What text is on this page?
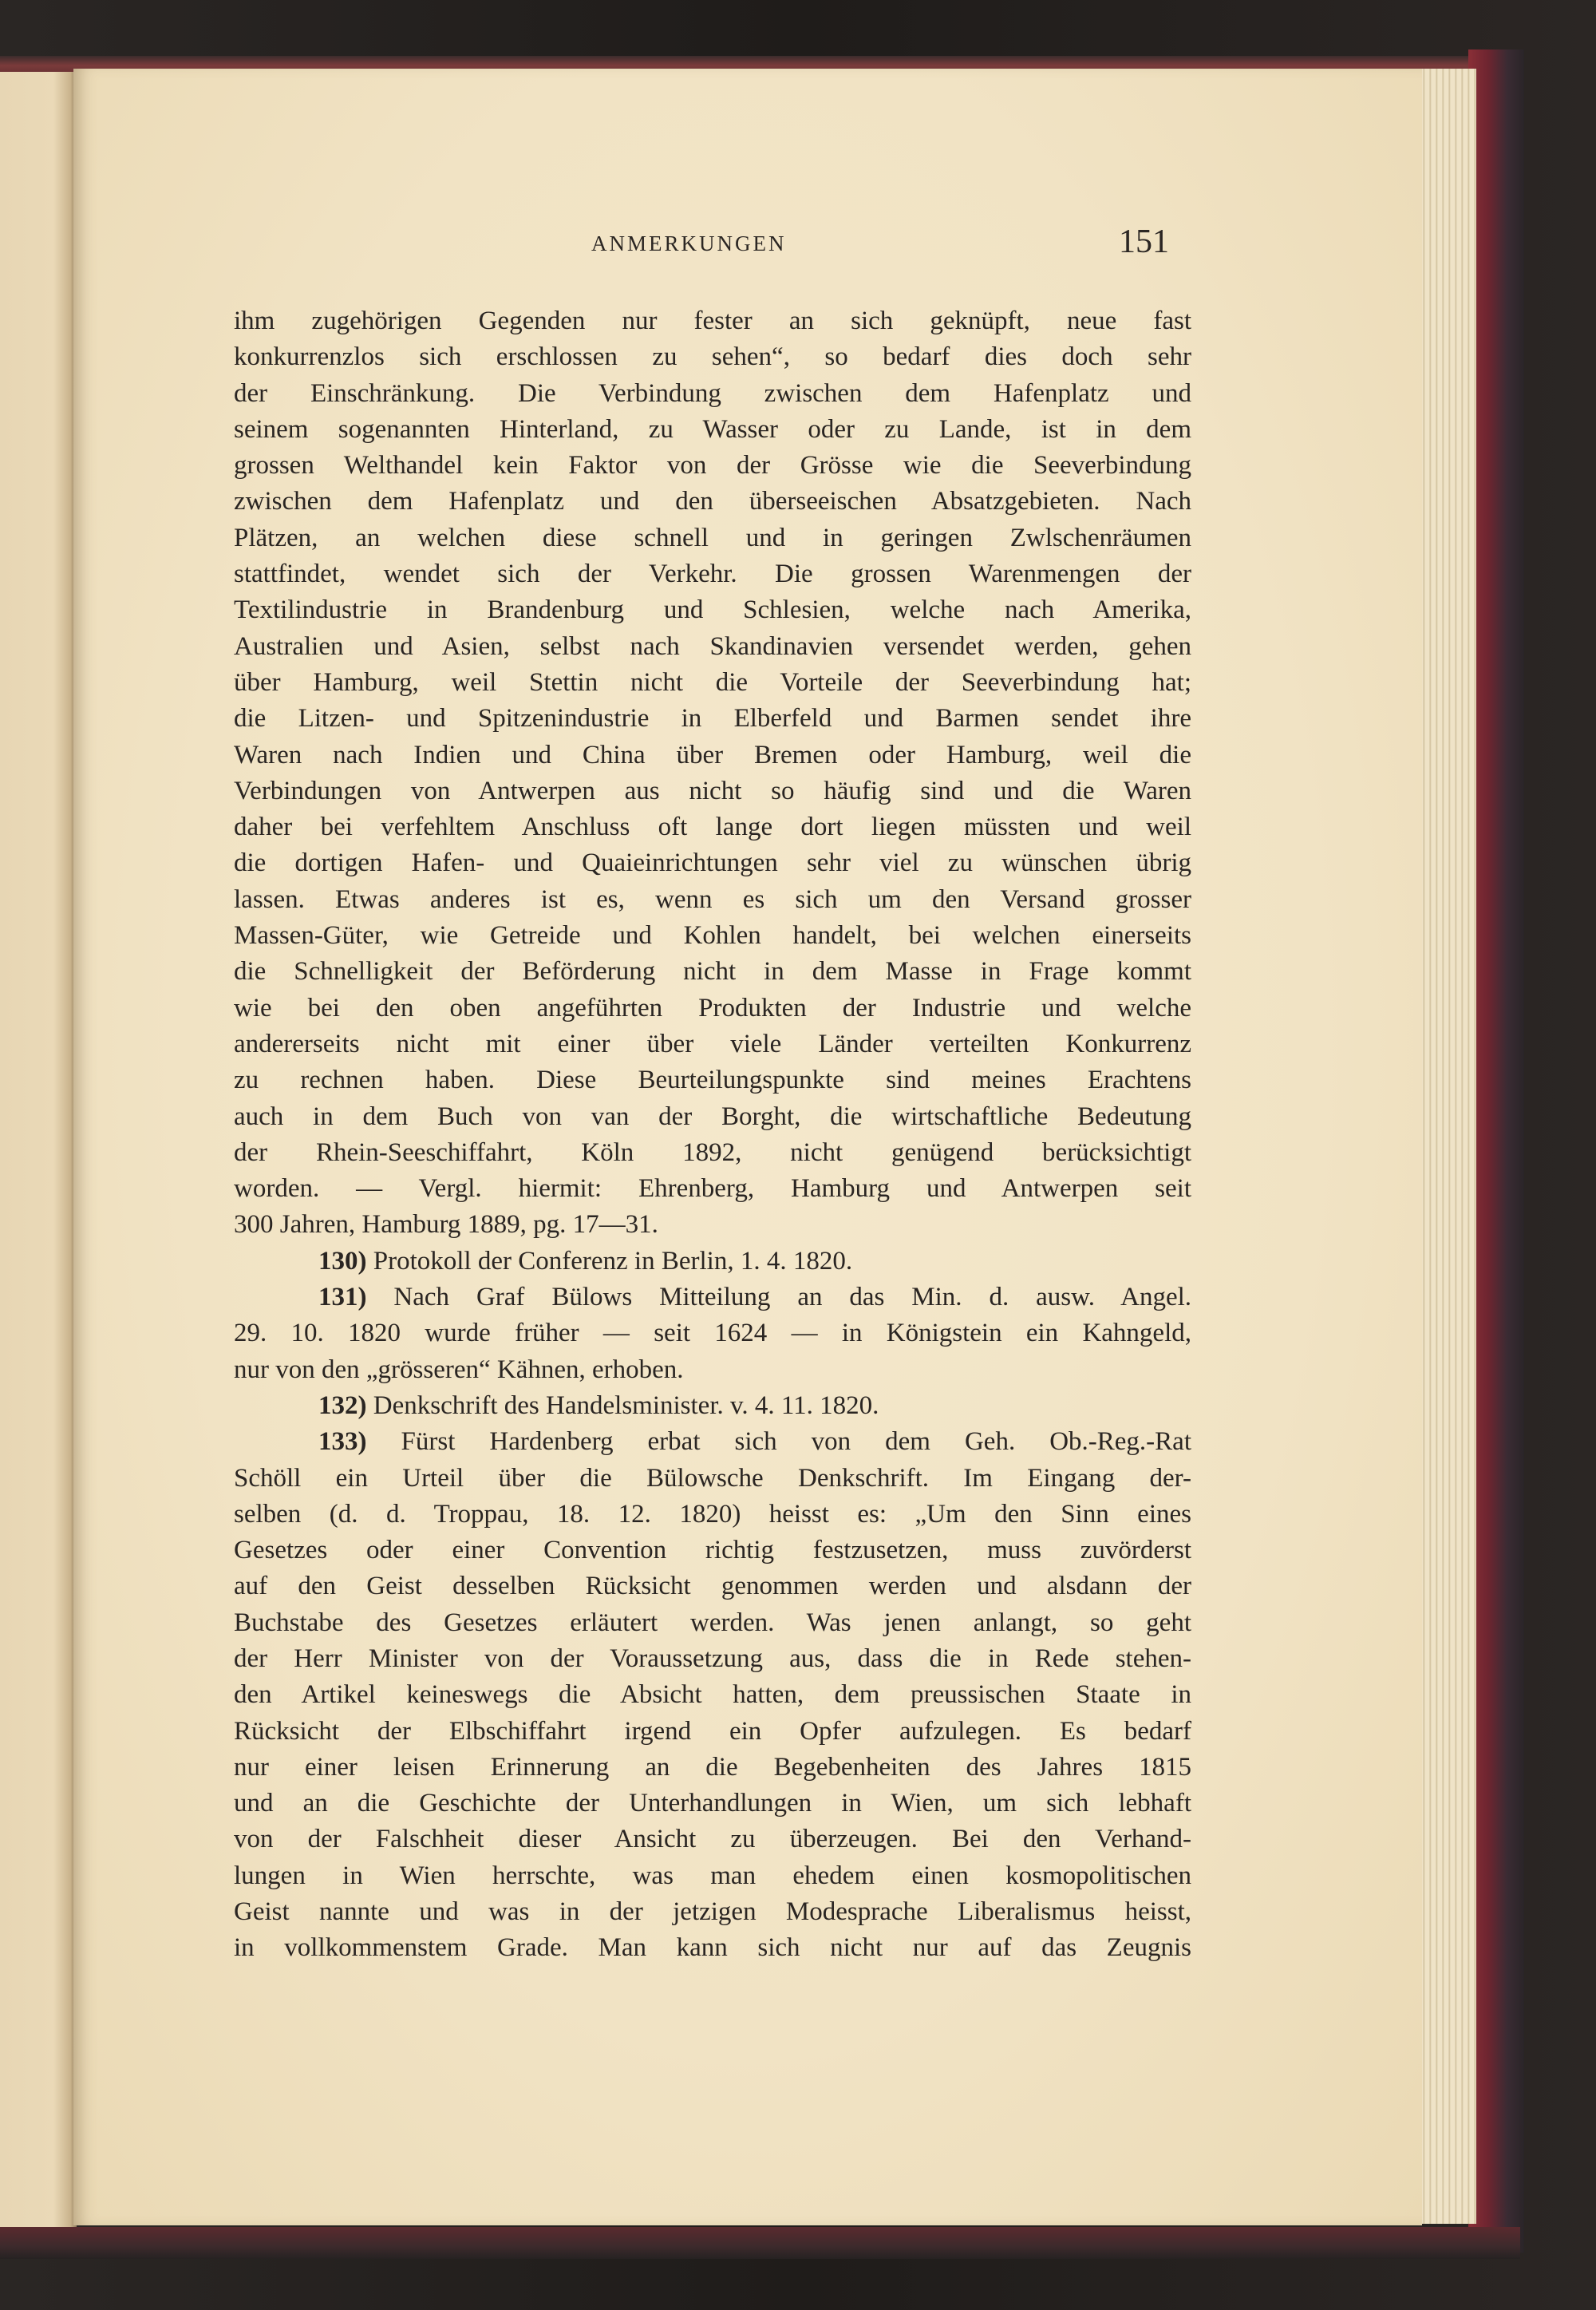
ANMERKUNGEN	151
ihm zugehörigen Gegenden nur fester an sich geknüpft, neue fast
konkurrenzlos sich erschlossen zu sehen“, so bedarf dies doch sehr
der Einschränkung. Die Verbindung zwischen dem Hafenplatz und
seinem sogenannten Hinterland, zu Wasser oder zu Lande, ist in dem
grossen Welthandel kein Faktor von der Grösse wie die Seeverbindung
zwischen dem Hafenplatz und den überseeischen Absatzgebieten. Nach
Plätzen, an welchen diese schnell und in geringen Zwlschenräumen
stattfindet, wendet sich der Verkehr. Die grossen Warenmengen der
Textilindustrie in Brandenburg und Schlesien, welche nach Amerika,
Australien und Asien, selbst nach Skandinavien versendet werden, gehen
über Hamburg, weil Stettin nicht die Vorteile der Seeverbindung hat;
die Litzen- und Spitzenindustrie in Elberfeld und Barmen sendet ihre
Waren nach Indien und China über Bremen oder Hamburg, weil die
Verbindungen von Antwerpen aus nicht so häufig sind und die Waren
daher bei verfehltem Anschluss oft lange dort liegen müssten und weil
die dortigen Hafen- und Quaieinrichtungen sehr viel zu wünschen übrig
lassen. Etwas anderes ist es, wenn es sich um den Versand grosser
Massen-Güter, wie Getreide und Kohlen handelt, bei welchen einerseits
die Schnelligkeit der Beförderung nicht in dem Masse in Frage kommt
wie bei den oben angeführten Produkten der Industrie und welche
andererseits nicht mit einer über viele Länder verteilten Konkurrenz
zu rechnen haben. Diese Beurteilungspunkte sind meines Erachtens
auch in dem Buch von van der Borght, die wirtschaftliche Bedeutung
der Rhein-Seeschiffahrt, Köln 1892, nicht genügend berücksichtigt
worden. — Vergl. hiermit: Ehrenberg, Hamburg und Antwerpen seit
300 Jahren, Hamburg 1889, pg. 17—31.
130) Protokoll der Conferenz in Berlin, 1. 4. 1820.
131) Nach Graf Bülows Mitteilung an das Min. d. ausw. Angel.
29. 10. 1820 wurde früher — seit 1624 — in Königstein ein Kahngeld,
nur von den „grösseren“ Kähnen, erhoben.
132) Denkschrift des Handelsminister. v. 4. 11. 1820.
133) Fürst Hardenberg erbat sich von dem Geh. Ob.-Reg.-Rat
Schöll ein Urteil über die Bülowsche Denkschrift. Im Eingang der-
selben (d. d. Troppau, 18. 12. 1820) heisst es: „Um den Sinn eines
Gesetzes oder einer Convention richtig festzusetzen, muss zuvörderst
auf den Geist desselben Rücksicht genommen werden und alsdann der
Buchstabe des Gesetzes erläutert werden. Was jenen anlangt, so geht
der Herr Minister von der Voraussetzung aus, dass die in Rede stehen-
den Artikel keineswegs die Absicht hatten, dem preussischen Staate in
Rücksicht der Elbschiffahrt irgend ein Opfer aufzulegen. Es bedarf
nur einer leisen Erinnerung an die Begebenheiten des Jahres 1815
und an die Geschichte der Unterhandlungen in Wien, um sich lebhaft
von der Falschheit dieser Ansicht zu überzeugen. Bei den Verhand-
lungen in Wien herrschte, was man ehedem einen kosmopolitischen
Geist nannte und was in der jetzigen Modesprache Liberalismus heisst,
in vollkommenstem Grade. Man kann sich nicht nur auf das Zeugnis
